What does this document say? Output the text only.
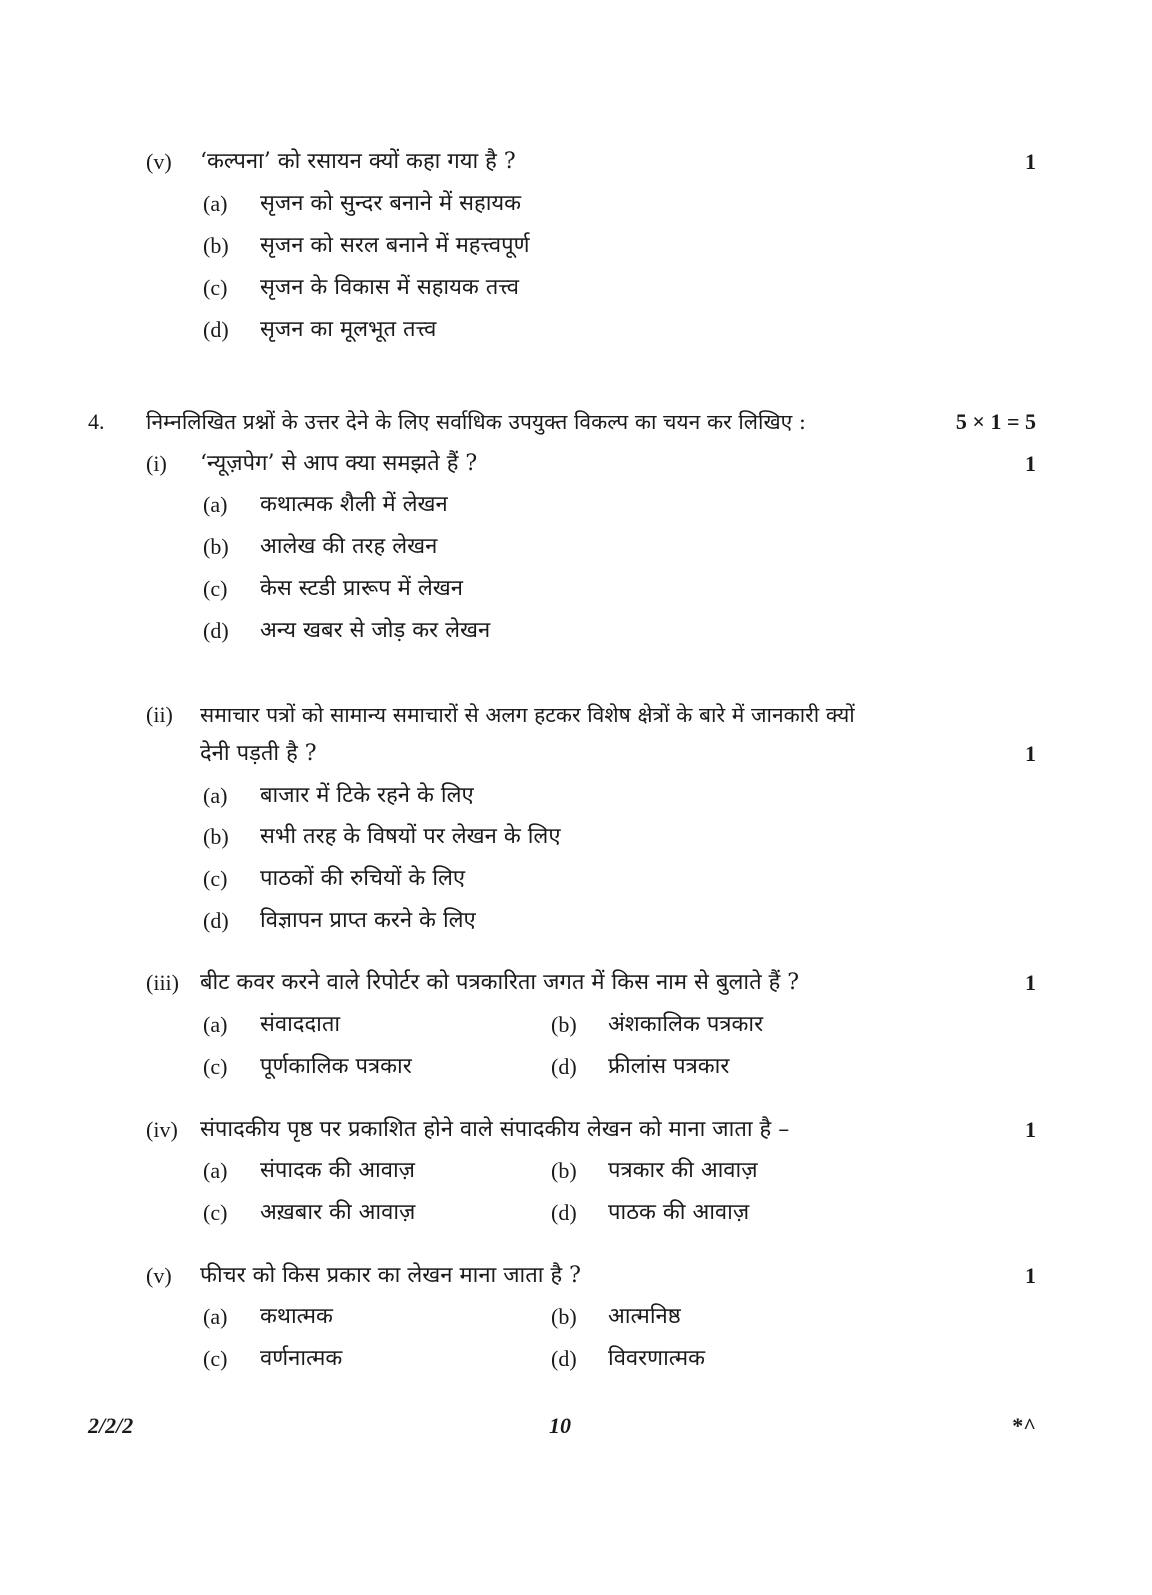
(v) ‘कल्पना’ को रसायन क्यों कहा गया है ?	1
(a) सृजन को सुन्दर बनाने में सहायक
(b) सृजन को सरल बनाने में महत्त्वपूर्ण
(c) सृजन के विकास में सहायक तत्त्व
(d) सृजन का मूलभूत तत्त्व
4. निम्नलिखित प्रश्नों के उत्तर देने के लिए सर्वाधिक उपयुक्त विकल्प का चयन कर लिखिए :	5 × 1 = 5
(i) ‘न्यूज़पेग’ से आप क्या समझते हैं ?	1
(a) कथात्मक शैली में लेखन
(b) आलेख की तरह लेखन
(c) केस स्टडी प्रारूप में लेखन
(d) अन्य खबर से जोड़ कर लेखन
(ii) समाचार पत्रों को सामान्य समाचारों से अलग हटकर विशेष क्षेत्रों के बारे में जानकारी क्यों
देनी पड़ती है ?	1
(a) बाजार में टिके रहने के लिए
(b) सभी तरह के विषयों पर लेखन के लिए
(c) पाठकों की रुचियों के लिए
(d) विज्ञापन प्राप्त करने के लिए
(iii) बीट कवर करने वाले रिपोर्टर को पत्रकारिता जगत में किस नाम से बुलाते हैं ?	1
(a) संवाददाता	(b) अंशकालिक पत्रकार
(c) पूर्णकालिक पत्रकार	(d) फ्रीलांस पत्रकार
(iv) संपादकीय पृष्ठ पर प्रकाशित होने वाले संपादकीय लेखन को माना जाता है –	1
(a) संपादक की आवाज़	(b) पत्रकार की आवाज़
(c) अख़बार की आवाज़	(d) पाठक की आवाज़
(v) फीचर को किस प्रकार का लेखन माना जाता है ?	1
(a) कथात्मक	(b) आत्मनिष्ठ
(c) वर्णनात्मक	(d) विवरणात्मक
2/2/2	10	*^
